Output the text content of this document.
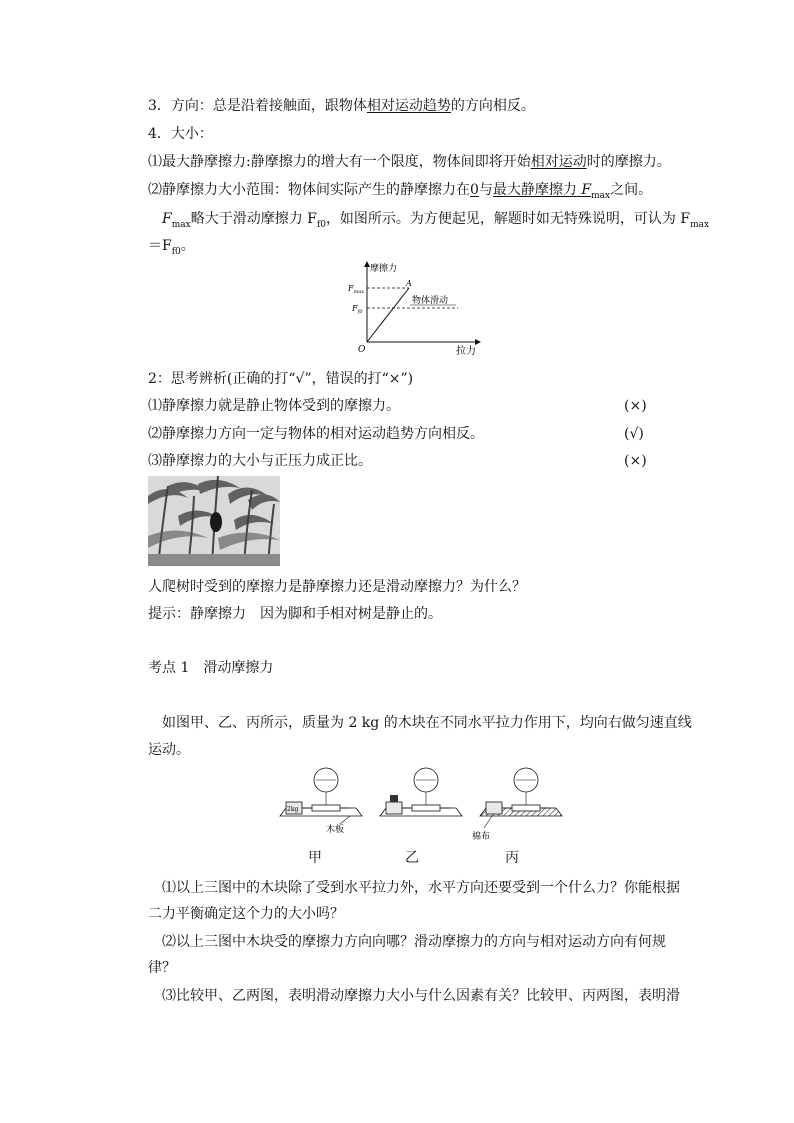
3．方向：总是沿着接触面，跟物体相对运动趋势的方向相反。
4．大小：
⑴最大静摩擦力:静摩擦力的增大有一个限度，物体间即将开始相对运动时的摩擦力。
⑵静摩擦力大小范围：物体间实际产生的静摩擦力在0与最大静摩擦力 $F_{max}$之间。
$F_{max}$略大于滑动摩擦力 $F_{f0}$，如图所示。为方便起见，解题时如无特殊说明，可认为 $F_{max}$
$=F_{f0}$。
摩擦力
拉力
O
A
$F_{max}$
$F_{f0}$
物体滑动
2：思考辨析(正确的打“√”，错误的打“×”)
⑴静摩擦力就是静止物体受到的摩擦力。	(×)
⑵静摩擦力方向一定与物体的相对运动趋势方向相反。	(√)
⑶静摩擦力的大小与正压力成正比。	(×)
人爬树时受到的摩擦力是静摩擦力还是滑动摩擦力？为什么？
提示：静摩擦力　因为脚和手相对树是静止的。
考点 1　滑动摩擦力
如图甲、乙、丙所示，质量为 2 kg 的木块在不同水平拉力作用下，均向右做匀速直线
运动。
2kg
木板
棉布
甲	乙	丙
⑴以上三图中的木块除了受到水平拉力外，水平方向还要受到一个什么力？你能根据
二力平衡确定这个力的大小吗？
⑵以上三图中木块受的摩擦力方向向哪？滑动摩擦力的方向与相对运动方向有何规
律？
⑶比较甲、乙两图，表明滑动摩擦力大小与什么因素有关？比较甲、丙两图，表明滑
